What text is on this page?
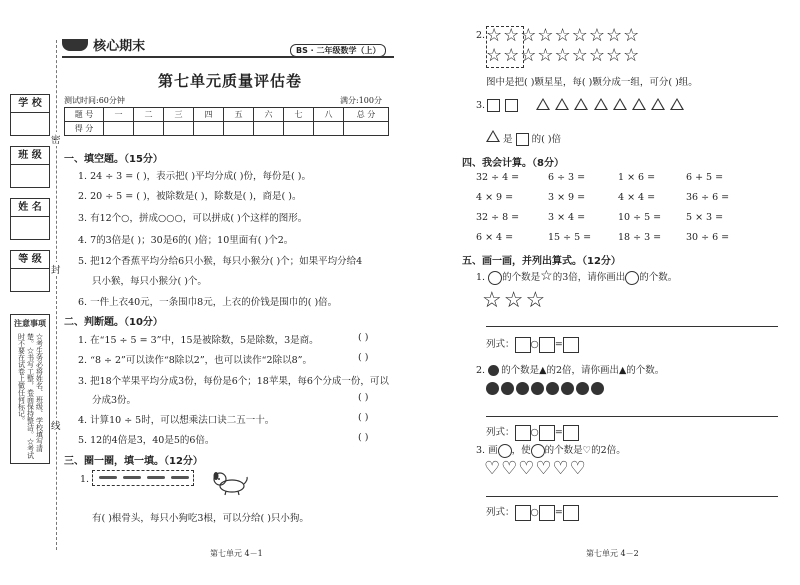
学 校
班 级
姓 名
等 级
注意事项
☆考生务必将姓名、班级、学校填写清楚。☆书写工整，卷面保持整洁。☆考试时不要在试卷上做任何标记。
密
封
线
核心期末	BS · 二年级数学（上）
第七单元质量评估卷
测试时间:60分钟	满分:100分
题 号	一	二	三	四	五	六	七	八	总 分
得 分									
一、填空题。（15分）
1. 24 ÷ 3 = ( )，表示把( )平均分成( )份，每份是( )。
2. 20 ÷ 5 = ( )，被除数是( )，除数是( )，商是( )。
3. 有12个○，拼成○○○，可以拼成( )个这样的图形。
4. 7的3倍是( )；30是6的( )倍；10里面有( )个2。
5. 把12个香蕉平均分给6只小猴，每只小猴分( )个；如果平均分给4
只小猴，每只小猴分( )个。
6. 一件上衣40元，一条围巾8元，上衣的价钱是围巾的( )倍。
二、判断题。（10分）
1. 在“15 ÷ 5 = 3”中，15是被除数，5是除数，3是商。	( )
2. “8 ÷ 2”可以读作“8除以2”，也可以读作“2除以8”。	( )
3. 把18个苹果平均分成3份，每份是6个；18苹果，每6个分成一份，可以
分成3份。	( )
4. 计算10 ÷ 5时，可以想乘法口诀二五一十。	( )
5. 12的4倍是3，40是5的6倍。	( )
三、圈一圈，填一填。（12分）
1.
有( )根骨头，每只小狗吃3根，可以分给( )只小狗。
第七单元 4－1
2. ☆☆☆☆☆☆☆☆☆
☆☆☆☆☆☆☆☆☆
图中是把( )颗星星，每( )颗分成一组，可分( )组。
3.

是 的( )倍
四、我会计算。（8分）
32 ÷ 4 =	6 ÷ 3 =	1 × 6 =	6 + 5 =
4 × 9 =	3 × 9 =	4 × 4 =	36 ÷ 6 =
32 ÷ 8 =	3 × 4 =	10 ÷ 5 =	5 × 3 =
6 × 4 =	15 ÷ 5 =	18 ÷ 3 =	30 ÷ 6 =
五、画一画，并列出算式。（12分）
1. 的个数是☆的3倍，请你画出 的个数。
☆☆☆
列式： ○ =
2. 的个数是▲的2倍，请你画出▲的个数。
列式： ○ =
3. 画 ，使 的个数是♡的2倍。
♡♡♡♡♡♡
列式： ○ =
第七单元 4－2
